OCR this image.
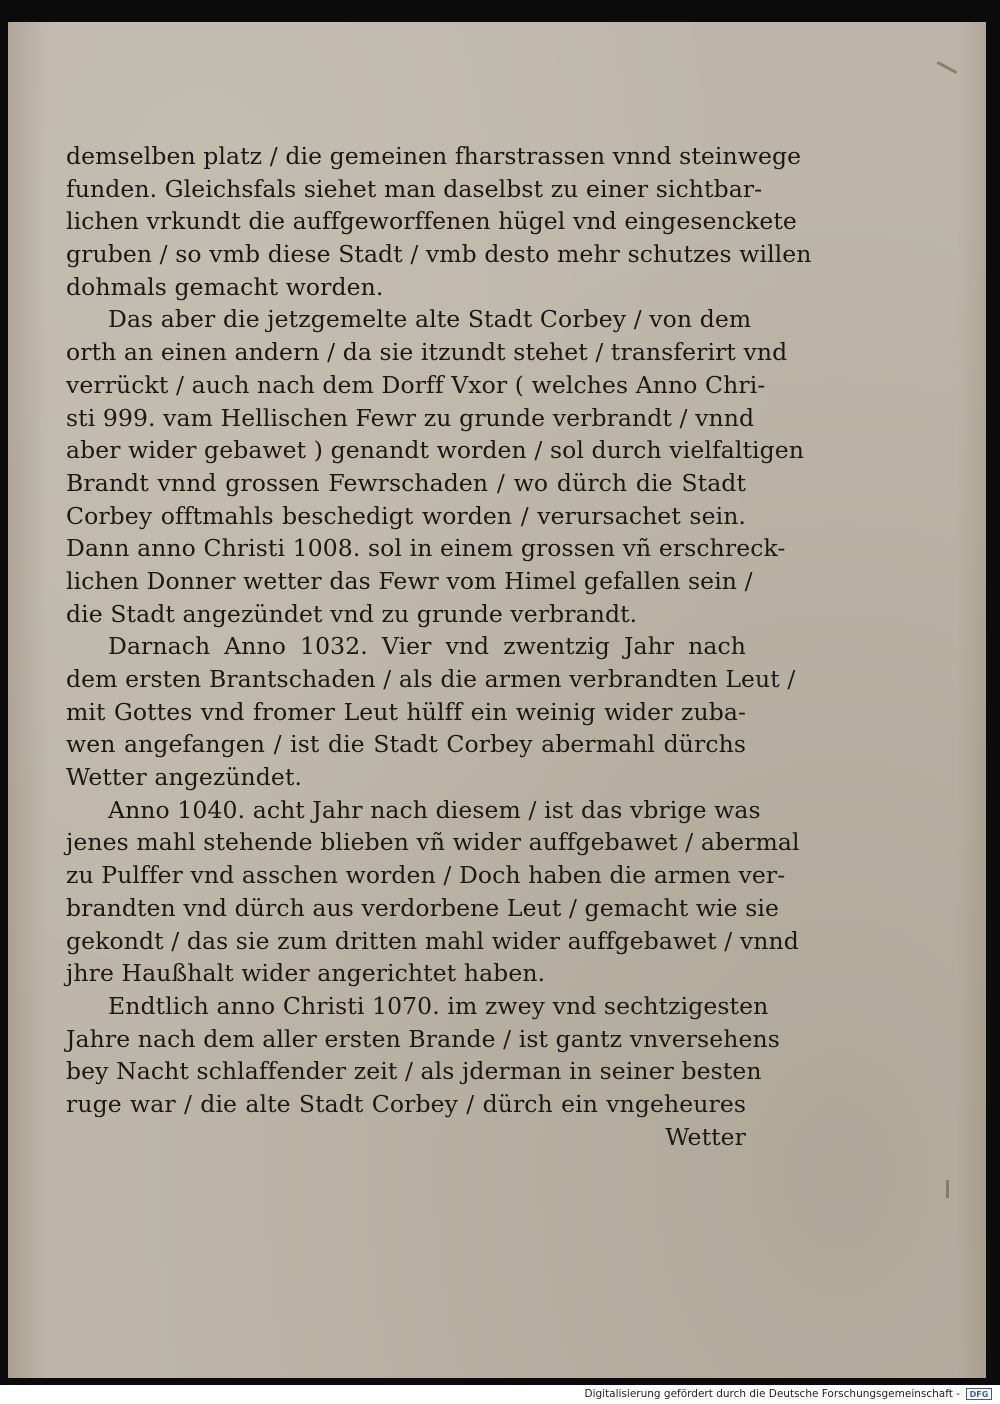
demselben platz / die gemeinen fharstrassen vnnd steinwege
funden. Gleichsfals siehet man daselbst zu einer sichtbar-
lichen vrkundt die auffgeworffenen hügel vnd eingesenckete
gruben / so vmb diese Stadt / vmb desto mehr schutzes willen
dohmals gemacht worden.
Das aber die jetzgemelte alte Stadt Corbey / von dem
orth an einen andern / da sie itzundt stehet / transferirt vnd
verrückt / auch nach dem Dorff Vxor ( welches Anno Chri-
sti 999. vam Hellischen Fewr zu grunde verbrandt / vnnd
aber wider gebawet ) genandt worden / sol durch vielfaltigen
Brandt vnnd grossen Fewrschaden / wo dürch die Stadt
Corbey offtmahls beschedigt worden / verursachet sein.
Dann anno Christi 1008. sol in einem grossen vñ erschreck-
lichen Donner wetter das Fewr vom Himel gefallen sein /
die Stadt angezündet vnd zu grunde verbrandt.
Darnach Anno 1032. Vier vnd zwentzig Jahr nach
dem ersten Brantschaden / als die armen verbrandten Leut /
mit Gottes vnd fromer Leut hülff ein weinig wider zuba-
wen angefangen / ist die Stadt Corbey abermahl dürchs
Wetter angezündet.
Anno 1040. acht Jahr nach diesem / ist das vbrige was
jenes mahl stehende blieben vñ wider auffgebawet / abermal
zu Pulffer vnd asschen worden / Doch haben die armen ver-
brandten vnd dürch aus verdorbene Leut / gemacht wie sie
gekondt / das sie zum dritten mahl wider auffgebawet / vnnd
jhre Haußhalt wider angerichtet haben.
Endtlich anno Christi 1070. im zwey vnd sechtzigesten
Jahre nach dem aller ersten Brande / ist gantz vnversehens
bey Nacht schlaffender zeit / als jderman in seiner besten
ruge war / die alte Stadt Corbey / dürch ein vngeheures
Wetter
Digitalisierung gefördert durch die Deutsche Forschungsgemeinschaft -	DFG
